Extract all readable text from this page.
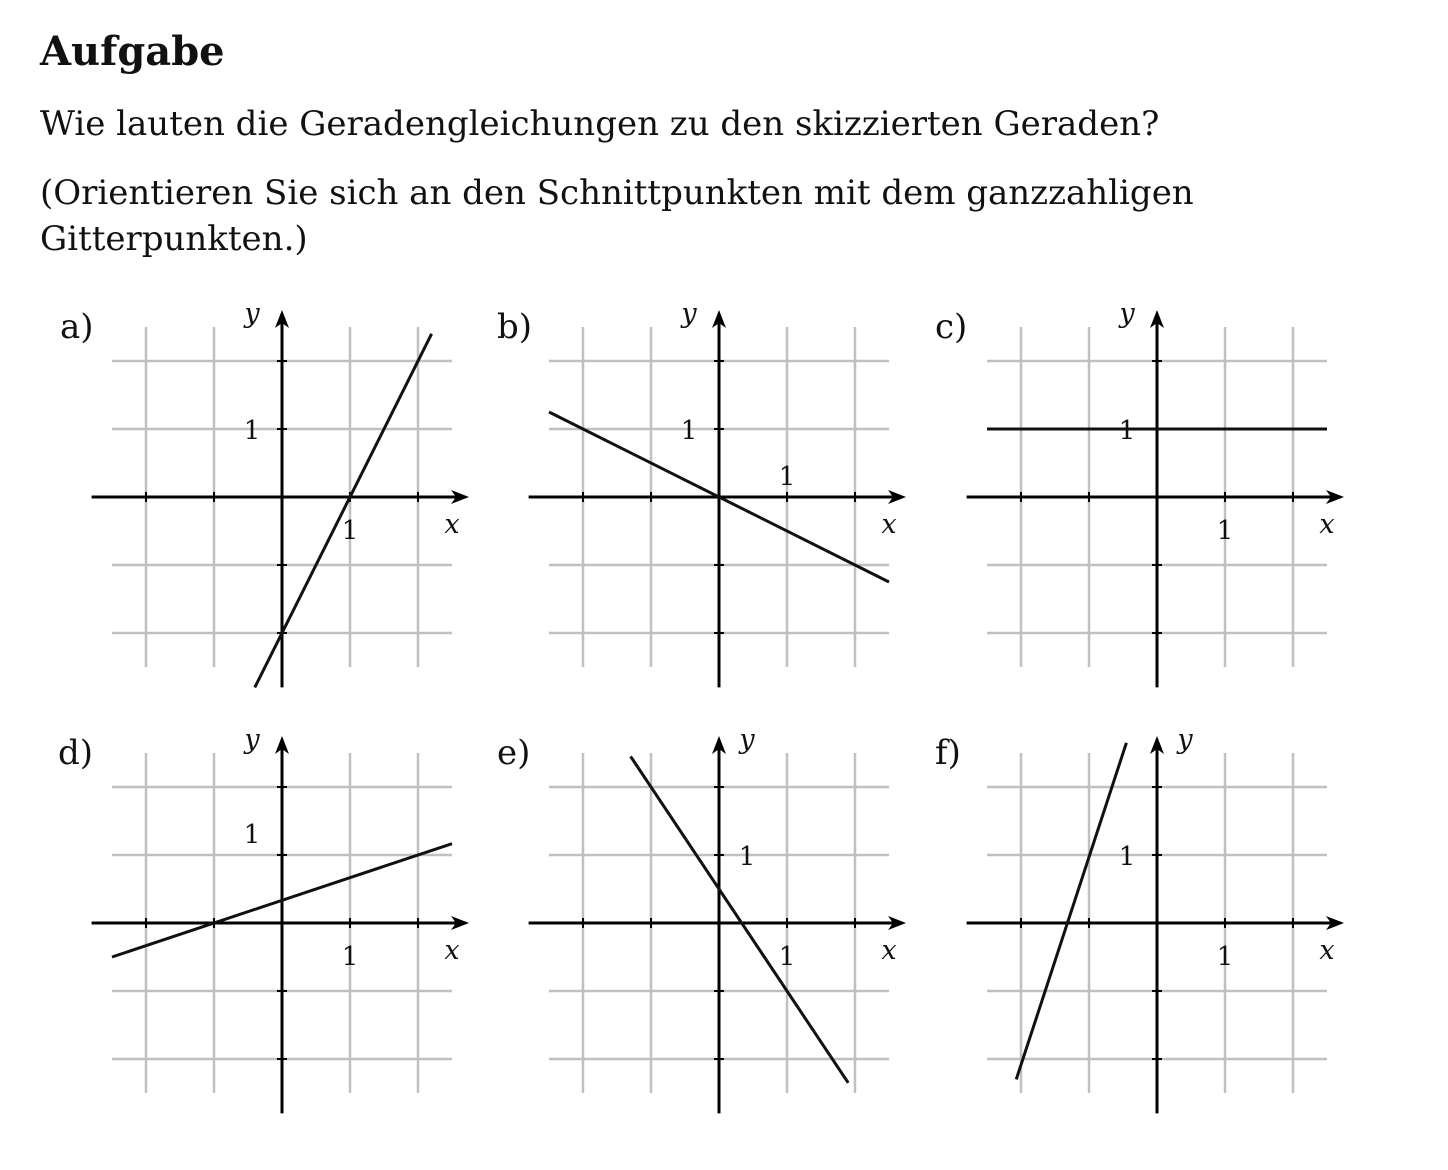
Aufgabe

Wie lauten die Geradengleichungen zu den skizzierten Geraden?

(Orientieren Sie sich an den Schnittpunkten mit dem ganzzahligen Gitterpunkten.)

a)
x
y
1
1
b)
x
y
1
1
c)
x
y
1
1
d)
x
y
1
1
e)
x
y
1
1
f)
x
y
1
1
